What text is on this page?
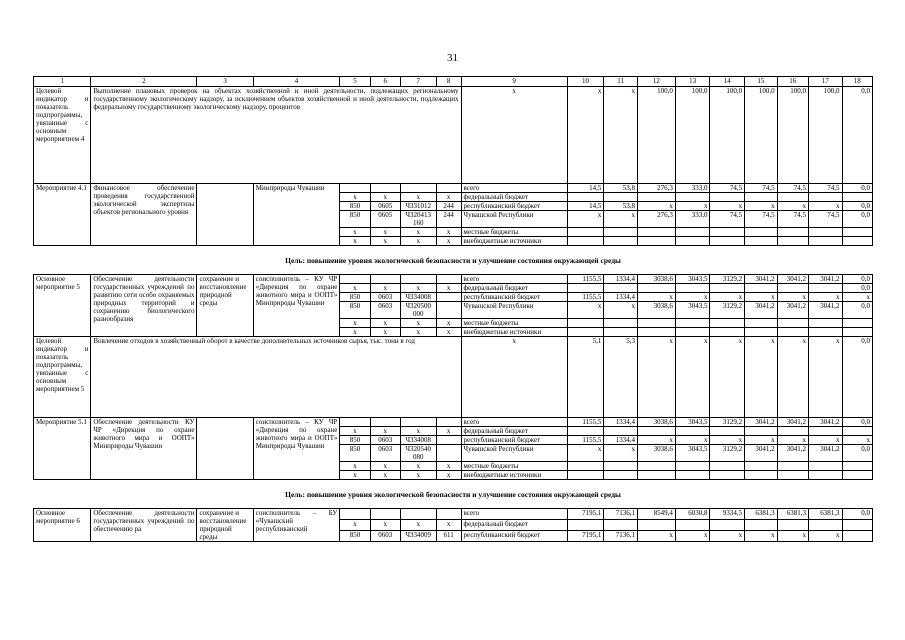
31
1	2	3	4	5	6	7	8	9	10	11	12	13	14	15	16	17	18
Целевой индикатор и показатель подпрограммы, увязанные с основным мероприятием 4	Выполнение плановых проверок на объектах хозяйственной и иной деятельности, подлежащих региональному государственному экологическому надзору, за исключением объектов хозяйственной и иной деятельности, подлежащих федеральному государственному экологическому надзору, процентов							x	x	x	100,0	100,0	100,0	100,0	100,0	100,0	0,0
Мероприятие 4.1	Финансовое обеспечение проведения государственной экологической экспертизы объектов регионального уровня		Минприроды Чувашии					всего	14,5	53,8	276,3	333,0	74,5	74,5	74,5	74,5	0,0
				x	x	x	x	федеральный бюджет									
				850	0605	Ч331012	244	республиканский бюджет	14,5	53,8	x	x	x	x	x	x	0,0
				850	0605	Ч320413 160	244	Чувашской Республики	x	x	276,3	333,0	74,5	74,5	74,5	74,5	0,0
				x	x	x	x	местные бюджеты									
				x	x	x	x	внебюджетные источники									
Цель: повышение уровня экологической безопасности и улучшение состояния окружающей среды
Основное мероприятие 5	Обеспечение деятельности государственных учреждений по развитию сети особо охраняемых природных территорий и сохранению биологического разнообразия	сохранение и восстановление природной среды	соисполнитель – КУ ЧР «Дирекция по охране животного мира и ООПТ» Минприроды Чувашии					всего	1155,5	1334,4	3038,6	3043,5	3129,2	3041,2	3041,2	3041,2	0,0
				x	x	x	x	федеральный бюджет									0,0
				850	0603	Ч334008		республиканский бюджет	1155,5	1334,4	x	x	x	x	x	x	x
				850	0603	Ч320500 000		Чувашской Республики	x	x	3038,6	3043,5	3129,2	3041,2	3041,2	3041,2	0,0
				x	x	x	x	местные бюджеты									
				x	x	x	x	внебюджетные источники									
Целевой индикатор и показатель подпрограммы, увязанные с основным мероприятием 5	Вовлечение отходов в хозяйственный оборот в качестве дополнительных источников сырья, тыс. тонн в год							x	5,1	5,3	x	x	x	x	x	x	0,0
Мероприятие 5.1	Обеспечение деятельности КУ ЧР «Дирекция по охране животного мира и ООПТ» Минприроды Чувашии		соисполнитель – КУ ЧР «Дирекция по охране животного мира и ООПТ» Минприроды Чувашии					всего	1155,5	1334,4	3038,6	3043,5	3129,2	3041,2	3041,2	3041,2	0,0
				x	x	x	x	федеральный бюджет									
				850	0603	Ч334008		республиканский бюджет	1155,5	1334,4	x	x	x	x	x	x	x
				850	0603	Ч320540 080		Чувашской Республики	x	x	3038,6	3043,5	3129,2	3041,2	3041,2	3041,2	0,0
				x	x	x	x	местные бюджеты									
				x	x	x	x	внебюджетные источники									
Цель: повышение уровня экологической безопасности и улучшение состояния окружающей среды
Основное мероприятие 6	Обеспечение деятельности государственных учреждений по обеспечению ра	сохранение и восстановление природной среды	соисполнитель – БУ «Чувашский республиканский					всего	7195,1	7136,1	8549,4	6030,8	9334,5	6381,3	6381,3	6381,3	0,0
				x	x	x	x	федеральный бюджет									
				850	0603	Ч334009	611	республиканский бюджет	7195,1	7136,1	x	x	x	x	x	x	
